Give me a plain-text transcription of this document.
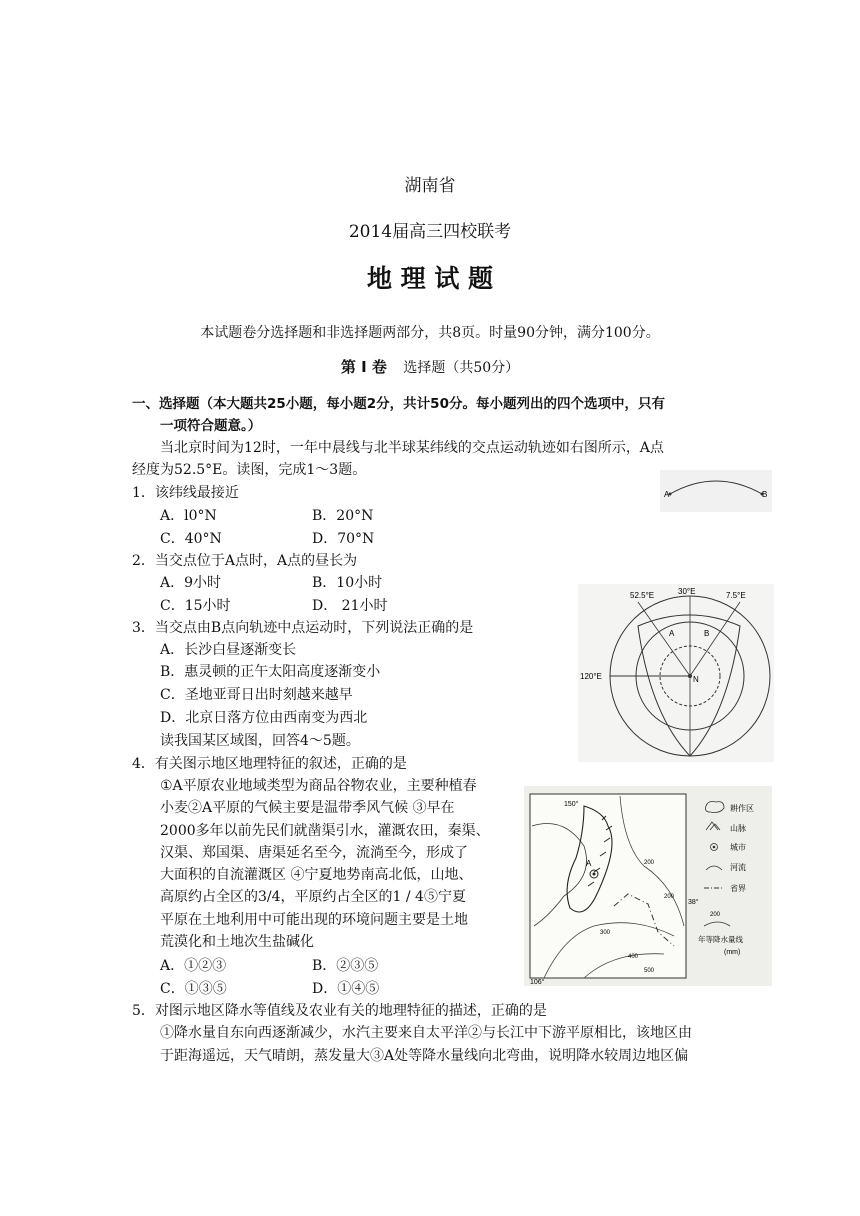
湖南省
2014届高三四校联考
地 理 试 题
本试题卷分选择题和非选择题两部分，共8页。时量90分钟，满分100分。
第 Ⅰ 卷 选择题（共50分）
一、选择题（本大题共25小题，每小题2分，共计50分。每小题列出的四个选项中，只有
一项符合题意。）
当北京时间为12时，一年中晨线与北半球某纬线的交点运动轨迹如右图所示，A点
经度为52.5°E。读图，完成1～3题。
1．该纬线最接近
A．l0°N	B．20°N
C．40°N	D．70°N
2．当交点位于A点时，A点的昼长为
A．9小时	B．10小时
C．15小时	D． 21小时
3．当交点由B点向轨迹中点运动时，下列说法正确的是
A．长沙白昼逐渐变长
B．惠灵顿的正午太阳高度逐渐变小
C．圣地亚哥日出时刻越来越早
D．北京日落方位由西南变为西北
读我国某区域图，回答4～5题。
4．有关图示地区地理特征的叙述，正确的是
①A平原农业地域类型为商品谷物农业，主要种植春
小麦②A平原的气候主要是温带季风气候 ③早在
2000多年以前先民们就凿渠引水，灌溉农田，秦渠、
汉渠、郑国渠、唐渠延名至今，流淌至今，形成了
大面积的自流灌溉区 ④宁夏地势南高北低，山地、
高原约占全区的3/4，平原约占全区的1 / 4⑤宁夏
平原在土地利用中可能出现的环境问题主要是土地
荒漠化和土地次生盐碱化
A．①②③	B．②③⑤
C．①③⑤	D．①④⑤
5．对图示地区降水等值线及农业有关的地理特征的描述，正确的是
①降水量自东向西逐渐减少，水汽主要来自太平洋②与长江中下游平原相比，该地区由
于距海遥远，天气晴朗，蒸发量大③A处等降水量线向北弯曲，说明降水较周边地区偏
A	B
52.5°E	30°E	7.5°E
120°E
A	B
N
150°
106°
38°
A	200
300
400
500
200
耕作区
山脉
城市
河流
省界
200
年等降水量线
(mm)
